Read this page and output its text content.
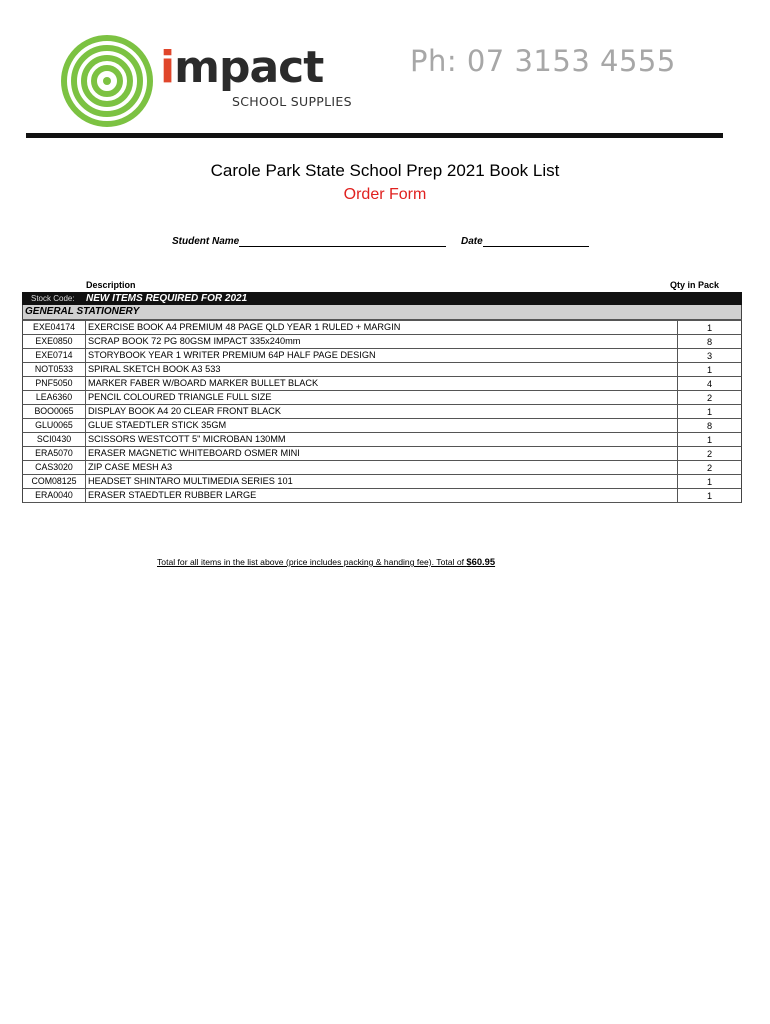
impact
SCHOOL SUPPLIES
Ph: 07 3153 4555
Carole Park State School Prep 2021 Book List
Order Form
Student Name	Date
Description	Qty in Pack
Stock Code: NEW ITEMS REQUIRED FOR 2021
GENERAL STATIONERY
EXE04174	EXERCISE BOOK A4 PREMIUM 48 PAGE QLD YEAR 1 RULED + MARGIN	1
EXE0850	SCRAP BOOK 72 PG 80GSM IMPACT 335x240mm	8
EXE0714	STORYBOOK YEAR 1 WRITER PREMIUM 64P HALF PAGE DESIGN	3
NOT0533	SPIRAL SKETCH BOOK A3 533	1
PNF5050	MARKER FABER W/BOARD MARKER BULLET BLACK	4
LEA6360	PENCIL COLOURED TRIANGLE FULL SIZE	2
BOO0065	DISPLAY BOOK A4 20 CLEAR FRONT BLACK	1
GLU0065	GLUE STAEDTLER STICK 35GM	8
SCI0430	SCISSORS WESTCOTT 5" MICROBAN 130MM	1
ERA5070	ERASER MAGNETIC WHITEBOARD OSMER MINI	2
CAS3020	ZIP CASE MESH A3	2
COM08125	HEADSET SHINTARO MULTIMEDIA SERIES 101	1
ERA0040	ERASER STAEDTLER RUBBER LARGE	1
Total for all items in the list above (price includes packing & handing fee). Total of $60.95
